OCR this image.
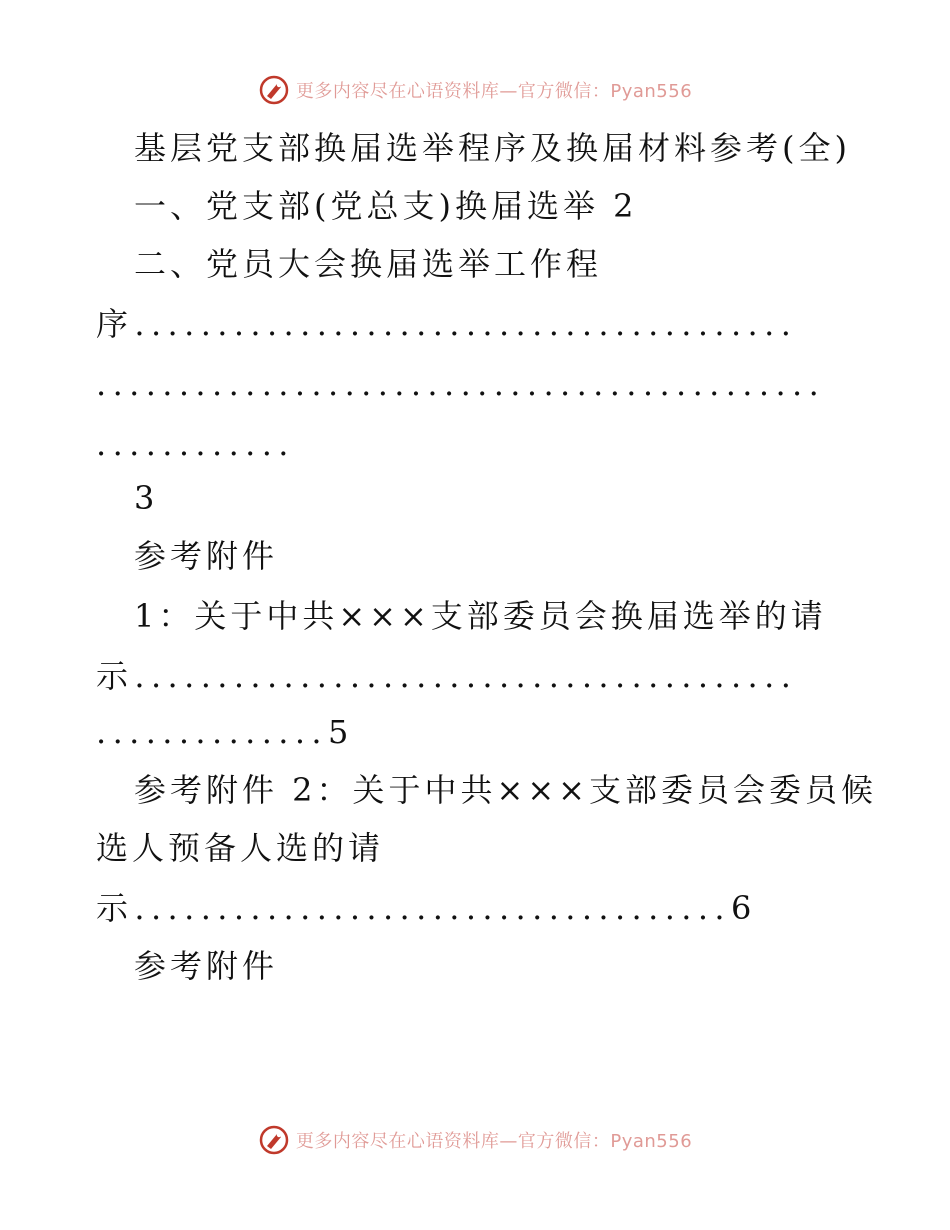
更多内容尽在心语资料库—官方微信：Pyan556
基层党支部换届选举程序及换届材料参考(全)
一、党支部(党总支)换届选举 2
二、党员大会换届选举工作程
序........................................
............................................
............
3
参考附件
1：关于中共×××支部委员会换届选举的请
示........................................
..............5
参考附件 2：关于中共×××支部委员会委员候
选人预备人选的请
示....................................6
参考附件
更多内容尽在心语资料库—官方微信：Pyan556
